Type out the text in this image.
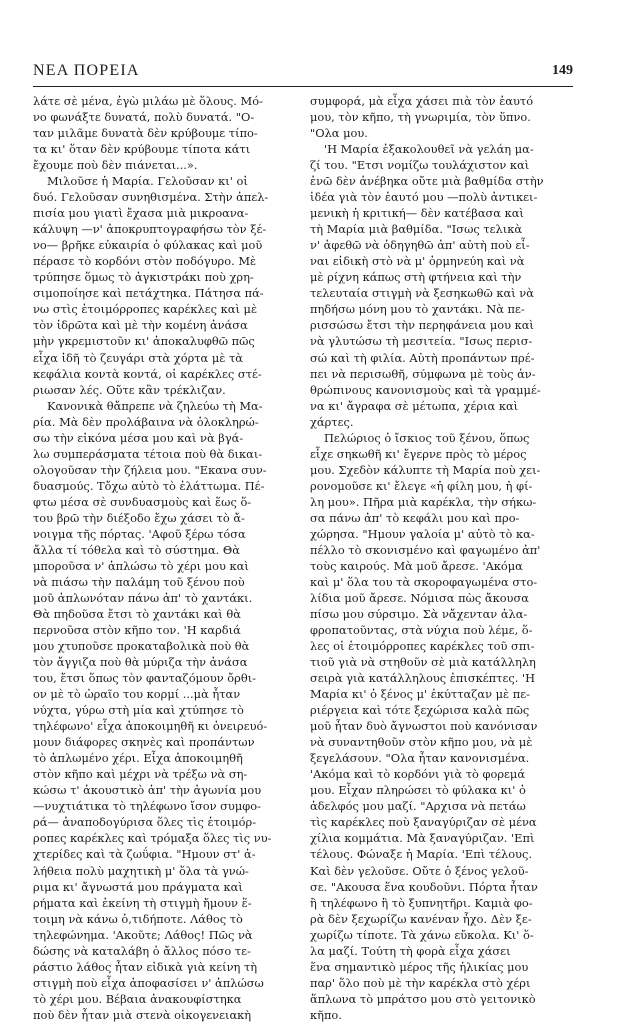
ΝΕΑ ΠΟΡΕΙΑ	149
λάτε σὲ μένα, ἐγὼ μιλάω μὲ ὅλους. Μό-
νο φωνάξτε δυνατά, πολὺ δυνατά. "Ο-
ταν μιλᾶμε δυνατὰ δὲν κρύβουμε τίπο-
τα κι' ὅταν δὲν κρύβουμε τίποτα κάτι
ἔχουμε ποὺ δὲν πιάνεται...».
Μιλοῦσε ἡ Μαρία. Γελοῦσαν κι' οἱ
δυό. Γελοῦσαν συνηθισμένα. Στὴν ἀπελ-
πισία μου γιατὶ ἔχασα μιὰ μικροανα-
κάλυψη —ν' ἀποκρυπτογραφήσω τὸν ξέ-
νο— βρῆκε εὐκαιρία ὁ φύλακας καὶ μοῦ
πέρασε τὸ κορδόνι στὸν ποδόγυρο. Μὲ
τρύπησε ὅμως τὸ ἀγκιστράκι ποὺ χρη-
σιμοποίησε καὶ πετάχτηκα. Πάτησα πά-
νω στὶς ἑτοιμόρροπες καρέκλες καὶ μὲ
τὸν ἱδρῶτα καὶ μὲ τὴν κομένη ἀνάσα
μὴν γκρεμιστοῦν κι' ἀποκαλυφθῶ πῶς
εἶχα ἰδῆ τὸ ζευγάρι στὰ χόρτα μὲ τὰ
κεφάλια κοντὰ κοντά, οἱ καρέκλες στέ-
ριωσαν λές. Οὔτε κἂν τρέκλιζαν.
Κανονικὰ θἄπρεπε νὰ ζηλεύω τὴ Μα-
ρία. Μὰ δὲν προλάβαινα νὰ ὁλοκληρώ-
σω τὴν εἰκόνα μέσα μου καὶ νὰ βγά-
λω συμπεράσματα τέτοια ποὺ θὰ δικαι-
ολογοῦσαν τὴν ζήλεια μου. "Εκανα συν-
δυασμούς. Τὄχω αὐτὸ τὸ ἐλάττωμα. Πέ-
φτω μέσα σὲ συνδυασμοὺς καὶ ἕως ὅ-
του βρῶ τὴν διέξοδο ἔχω χάσει τὸ ἄ-
νοιγμα τῆς πόρτας. 'Αφοῦ ξέρω τόσα
ἄλλα τί τόθελα καὶ τὸ σύστημα. Θὰ
μποροῦσα ν' ἁπλώσω τὸ χέρι μου καὶ
νὰ πιάσω τὴν παλάμη τοῦ ξένου ποὺ
μοῦ ἁπλωνόταν πάνω ἀπ' τὸ χαντάκι.
Θὰ πηδοῦσα ἔτσι τὸ χαντάκι καὶ θὰ
περνοῦσα στὸν κῆπο τον. 'Η καρδιά
μου χτυποῦσε προκαταβολικὰ ποὺ θὰ
τὸν ἄγγιζα ποὺ θὰ μύριζα τὴν ἀνάσα
του, ἔτσι ὅπως τὸν φανταζόμουν ὄρθι-
ον μὲ τὸ ὡραῖο του κορμί ...μὰ ἦταν
νύχτα, γύρω στὴ μία καὶ χτύπησε τὸ
τηλέφωνο' εἶχα ἀποκοιμηθῆ κι ὀνειρευό-
μουν διάφορες σκηνὲς καὶ προπάντων
τὸ ἁπλωμένο χέρι. Εἶχα ἀποκοιμηθῆ
στὸν κῆπο καὶ μέχρι νὰ τρέξω νὰ ση-
κώσω τ' ἀκουστικὸ ἀπ' τὴν ἀγωνία μου
—νυχτιάτικα τὸ τηλέφωνο ἴσον συμφο-
ρά— ἀναποδογύρισα ὅλες τὶς ἑτοιμόρ-
ροπες καρέκλες καὶ τρόμαξα ὅλες τὶς νυ-
χτερίδες καὶ τὰ ζωΰφια. "Ημουν στ' ἀ-
λήθεια πολὺ μαχητικὴ μ' ὅλα τὰ γνώ-
ριμα κι' ἄγνωστά μου πράγματα καὶ
ρήματα καὶ ἐκείνη τὴ στιγμὴ ἤμουν ἕ-
τοιμη νὰ κάνω ὁ,τιδήποτε. Λάθος τὸ
τηλεφώνημα. 'Ακοῦτε; Λάθος! Πῶς νὰ
δώσης νὰ καταλάβη ὁ ἄλλος πόσο τε-
ράστιο λάθος ἦταν εἰδικὰ γιὰ κείνη τὴ
στιγμὴ ποὺ εἶχα ἀποφασίσει ν' ἁπλώσω
τὸ χέρι μου. Βέβαια ἀνακουφίστηκα
ποὺ δὲν ἦταν μιὰ στενὰ οἰκογενειακὴ
συμφορά, μὰ εἶχα χάσει πιὰ τὸν ἑαυτό
μου, τὸν κῆπο, τὴ γνωριμία, τὸν ὕπνο.
"Ολα μου.
'Η Μαρία ἐξακολουθεῖ νὰ γελάη μα-
ζί του. "Ετσι νομίζω τουλάχιστον καὶ
ἐνῶ δὲν ἀνέβηκα οὔτε μιὰ βαθμίδα στὴν
ἰδέα γιὰ τὸν ἑαυτό μου —πολὺ ἀντικει-
μενικὴ ἡ κριτική— δὲν κατέβασα καὶ
τὴ Μαρία μιὰ βαθμίδα. "Ισως τελικὰ
ν' ἀφεθῶ νὰ ὁδηγηθῶ ἀπ' αὐτὴ ποὺ εἶ-
ναι εἰδικὴ στὸ νὰ μ' ὁρμηνεύη καὶ νὰ
μὲ ρίχνη κάπως στὴ φτήνεια καὶ τὴν
τελευταία στιγμὴ νὰ ξεσηκωθῶ καὶ νὰ
πηδήσω μόνη μου τὸ χαντάκι. Νὰ πε-
ρισσώσω ἔτσι τὴν περηφάνεια μου καὶ
νὰ γλυτώσω τὴ μεσιτεία. "Ισως περισ-
σώ καὶ τὴ φιλία. Αὐτὴ προπάντων πρέ-
πει νὰ περισωθῆ, σύμφωνα μὲ τοὺς ἀν-
θρώπινους κανονισμοὺς καὶ τὰ γραμμέ-
να κι' ἄγραφα σὲ μέτωπα, χέρια καὶ
χάρτες.
Πελώριος ὁ ἴσκιος τοῦ ξένου, ὅπως
εἶχε σηκωθῆ κι' ἔγερνε πρὸς τὸ μέρος
μου. Σχεδὸν κάλυπτε τὴ Μαρία ποὺ χει-
ρονομοῦσε κι' ἔλεγε «ἡ φίλη μου, ἡ φί-
λη μου». Πῆρα μιὰ καρέκλα, τὴν σήκω-
σα πάνω ἀπ' τὸ κεφάλι μου καὶ προ-
χώρησα. "Ημουν γαλοία μ' αὐτὸ τὸ κα-
πέλλο τὸ σκονισμένο καὶ φαγωμένο ἀπ'
τοὺς καιρούς. Μὰ μοῦ ἄρεσε. 'Ακόμα
καὶ μ' ὅλα του τὰ σκοροφαγωμένα στο-
λίδια μοῦ ἄρεσε. Νόμισα πὼς ἄκουσα
πίσω μου σύρσιμο. Σὰ νἄχενταν ἀλα-
φροπατοῦντας, στὰ νύχια ποὺ λέμε, ὅ-
λες οἱ ἑτοιμόρροπες καρέκλες τοῦ σπι-
τιοῦ γιὰ νὰ στηθοῦν σὲ μιὰ κατάλληλη
σειρὰ γιὰ κατάλληλους ἐπισκέπτες. 'Η
Μαρία κι' ὁ ξένος μ' ἐκύτταζαν μὲ πε-
ριέργεια καὶ τότε ξεχώρισα καλὰ πῶς
μοῦ ἦταν δυὸ ἄγνωστοι ποὺ κανόνισαν
νὰ συναντηθοῦν στὸν κῆπο μου, νὰ μὲ
ξεγελάσουν. "Ολα ἦταν κανονισμένα.
'Ακόμα καὶ τὸ κορδόνι γιὰ τὸ φορεμά
μου. Εἶχαν πληρώσει τὸ φύλακα κι' ὁ
ἀδελφός μου μαζί. "Αρχισα νὰ πετάω
τὶς καρέκλες ποὺ ξαναγύριζαν σὲ μένα
χίλια κομμάτια. Μὰ ξαναγύριζαν. 'Επὶ
τέλους. Φώναξε ἡ Μαρία. 'Επὶ τέλους.
Καὶ δὲν γελοῦσε. Οὔτε ὁ ξένος γελοῦ-
σε. "Ακουσα ἕνα κουδοῦνι. Πόρτα ἦταν
ἢ τηλέφωνο ἢ τὸ ξυπνητῆρι. Καμιὰ φο-
ρὰ δὲν ξεχωρίζω κανέναν ἦχο. Δὲν ξε-
χωρίζω τίποτε. Τὰ χάνω εὔκολα. Κι' ὅ-
λα μαζί. Τούτη τὴ φορὰ εἶχα χάσει
ἕνα σημαντικὸ μέρος τῆς ἡλικίας μου
παρ' ὅλο ποὺ μὲ τὴν καρέκλα στὸ χέρι
ἅπλωνα τὸ μπράτσο μου στὸ γειτονικὸ
κῆπο.
